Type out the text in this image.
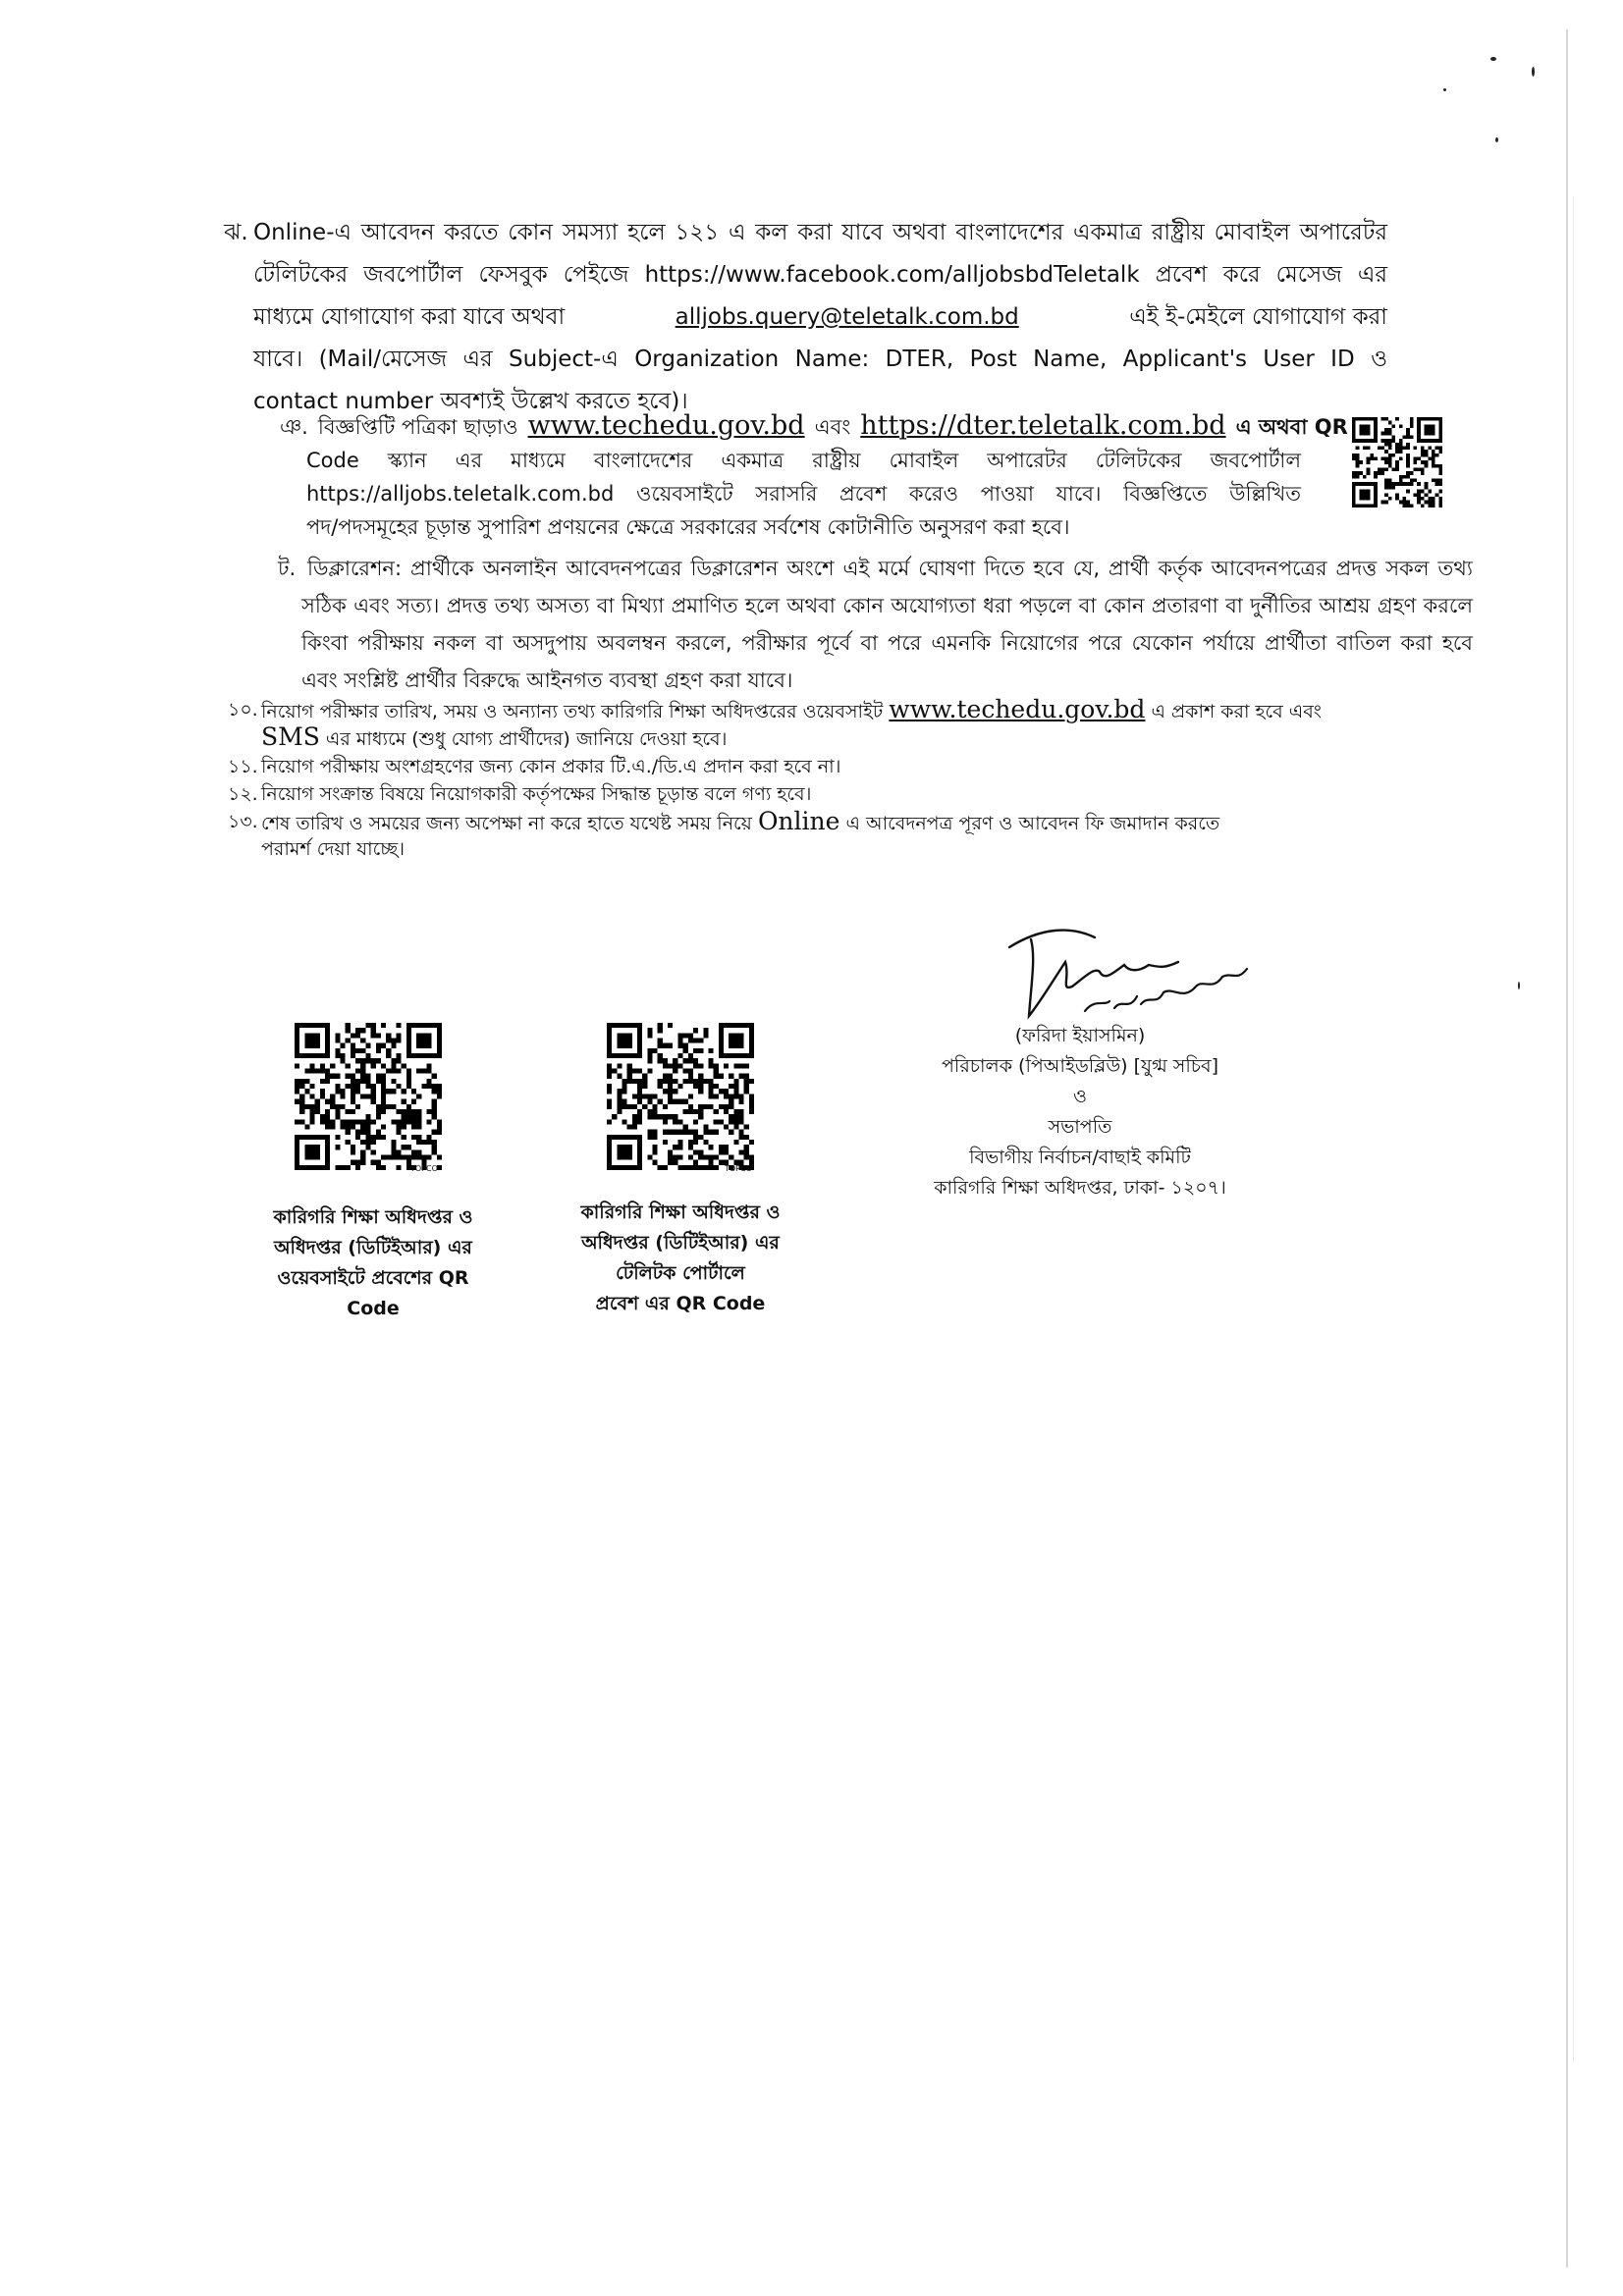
ঝ. Online-এ আবেদন করতে কোন সমস্যা হলে ১২১ এ কল করা যাবে অথবা বাংলাদেশের একমাত্র রাষ্ট্রীয় মোবাইল অপারেটর
টেলিটকের জবপোর্টাল ফেসবুক পেইজে https://www.facebook.com/alljobsbdTeletalk প্রবেশ করে মেসেজ এর
মাধ্যমে যোগাযোগ করা যাবে অথবা	alljobs.query@teletalk.com.bd	এই ই-মেইলে যোগাযোগ করা
যাবে। (Mail/মেসেজ এর Subject-এ Organization Name: DTER, Post Name, Applicant's User ID ও
contact number অবশ্যই উল্লেখ করতে হবে)।
ঞ. বিজ্ঞপ্তিটি পত্রিকা ছাড়াও www.techedu.gov.bd এবং https://dter.teletalk.com.bd এ অথবা QR
Code স্ক্যান এর মাধ্যমে বাংলাদেশের একমাত্র রাষ্ট্রীয় মোবাইল অপারেটর টেলিটকের জবপোর্টাল
https://alljobs.teletalk.com.bd ওয়েবসাইটে সরাসরি প্রবেশ করেও পাওয়া যাবে। বিজ্ঞপ্তিতে উল্লিখিত
পদ/পদসমূহের চূড়ান্ত সুপারিশ প্রণয়নের ক্ষেত্রে সরকারের সর্বশেষ কোটানীতি অনুসরণ করা হবে।
ট. ডিক্লারেশন: প্রার্থীকে অনলাইন আবেদনপত্রের ডিক্লারেশন অংশে এই মর্মে ঘোষণা দিতে হবে যে, প্রার্থী কর্তৃক আবেদনপত্রের প্রদত্ত সকল তথ্য
সঠিক এবং সত্য। প্রদত্ত তথ্য অসত্য বা মিথ্যা প্রমাণিত হলে অথবা কোন অযোগ্যতা ধরা পড়লে বা কোন প্রতারণা বা দুর্নীতির আশ্রয় গ্রহণ করলে
কিংবা পরীক্ষায় নকল বা অসদুপায় অবলম্বন করলে, পরীক্ষার পূর্বে বা পরে এমনকি নিয়োগের পরে যেকোন পর্যায়ে প্রার্থীতা বাতিল করা হবে
এবং সংশ্লিষ্ট প্রার্থীর বিরুদ্ধে আইনগত ব্যবস্থা গ্রহণ করা যাবে।
১০. নিয়োগ পরীক্ষার তারিখ, সময় ও অন্যান্য তথ্য কারিগরি শিক্ষা অধিদপ্তরের ওয়েবসাইট www.techedu.gov.bd এ প্রকাশ করা হবে এবং
SMS এর মাধ্যমে (শুধু যোগ্য প্রার্থীদের) জানিয়ে দেওয়া হবে।
১১. নিয়োগ পরীক্ষায় অংশগ্রহণের জন্য কোন প্রকার টি.এ./ডি.এ প্রদান করা হবে না।
১২. নিয়োগ সংক্রান্ত বিষয়ে নিয়োগকারী কর্তৃপক্ষের সিদ্ধান্ত চূড়ান্ত বলে গণ্য হবে।
১৩. শেষ তারিখ ও সময়ের জন্য অপেক্ষা না করে হাতে যথেষ্ট সময় নিয়ে Online এ আবেদনপত্র পূরণ ও আবেদন ফি জমাদান করতে
পরামর্শ দেয়া যাচ্ছে।
(ফরিদা ইয়াসমিন)
পরিচালক (পিআইডব্লিউ) [যুগ্ম সচিব]
ও
সভাপতি
বিভাগীয় নির্বাচন/বাছাই কমিটি
কারিগরি শিক্ষা অধিদপ্তর, ঢাকা- ১২০৭।
TOPCO
কারিগরি শিক্ষা অধিদপ্তর ও
অধিদপ্তর (ডিটিইআর) এর
ওয়েবসাইটে প্রবেশের QR
Code
TOPCO
কারিগরি শিক্ষা অধিদপ্তর ও
অধিদপ্তর (ডিটিইআর) এর
টেলিটক পোর্টালে
প্রবেশ এর QR Code
